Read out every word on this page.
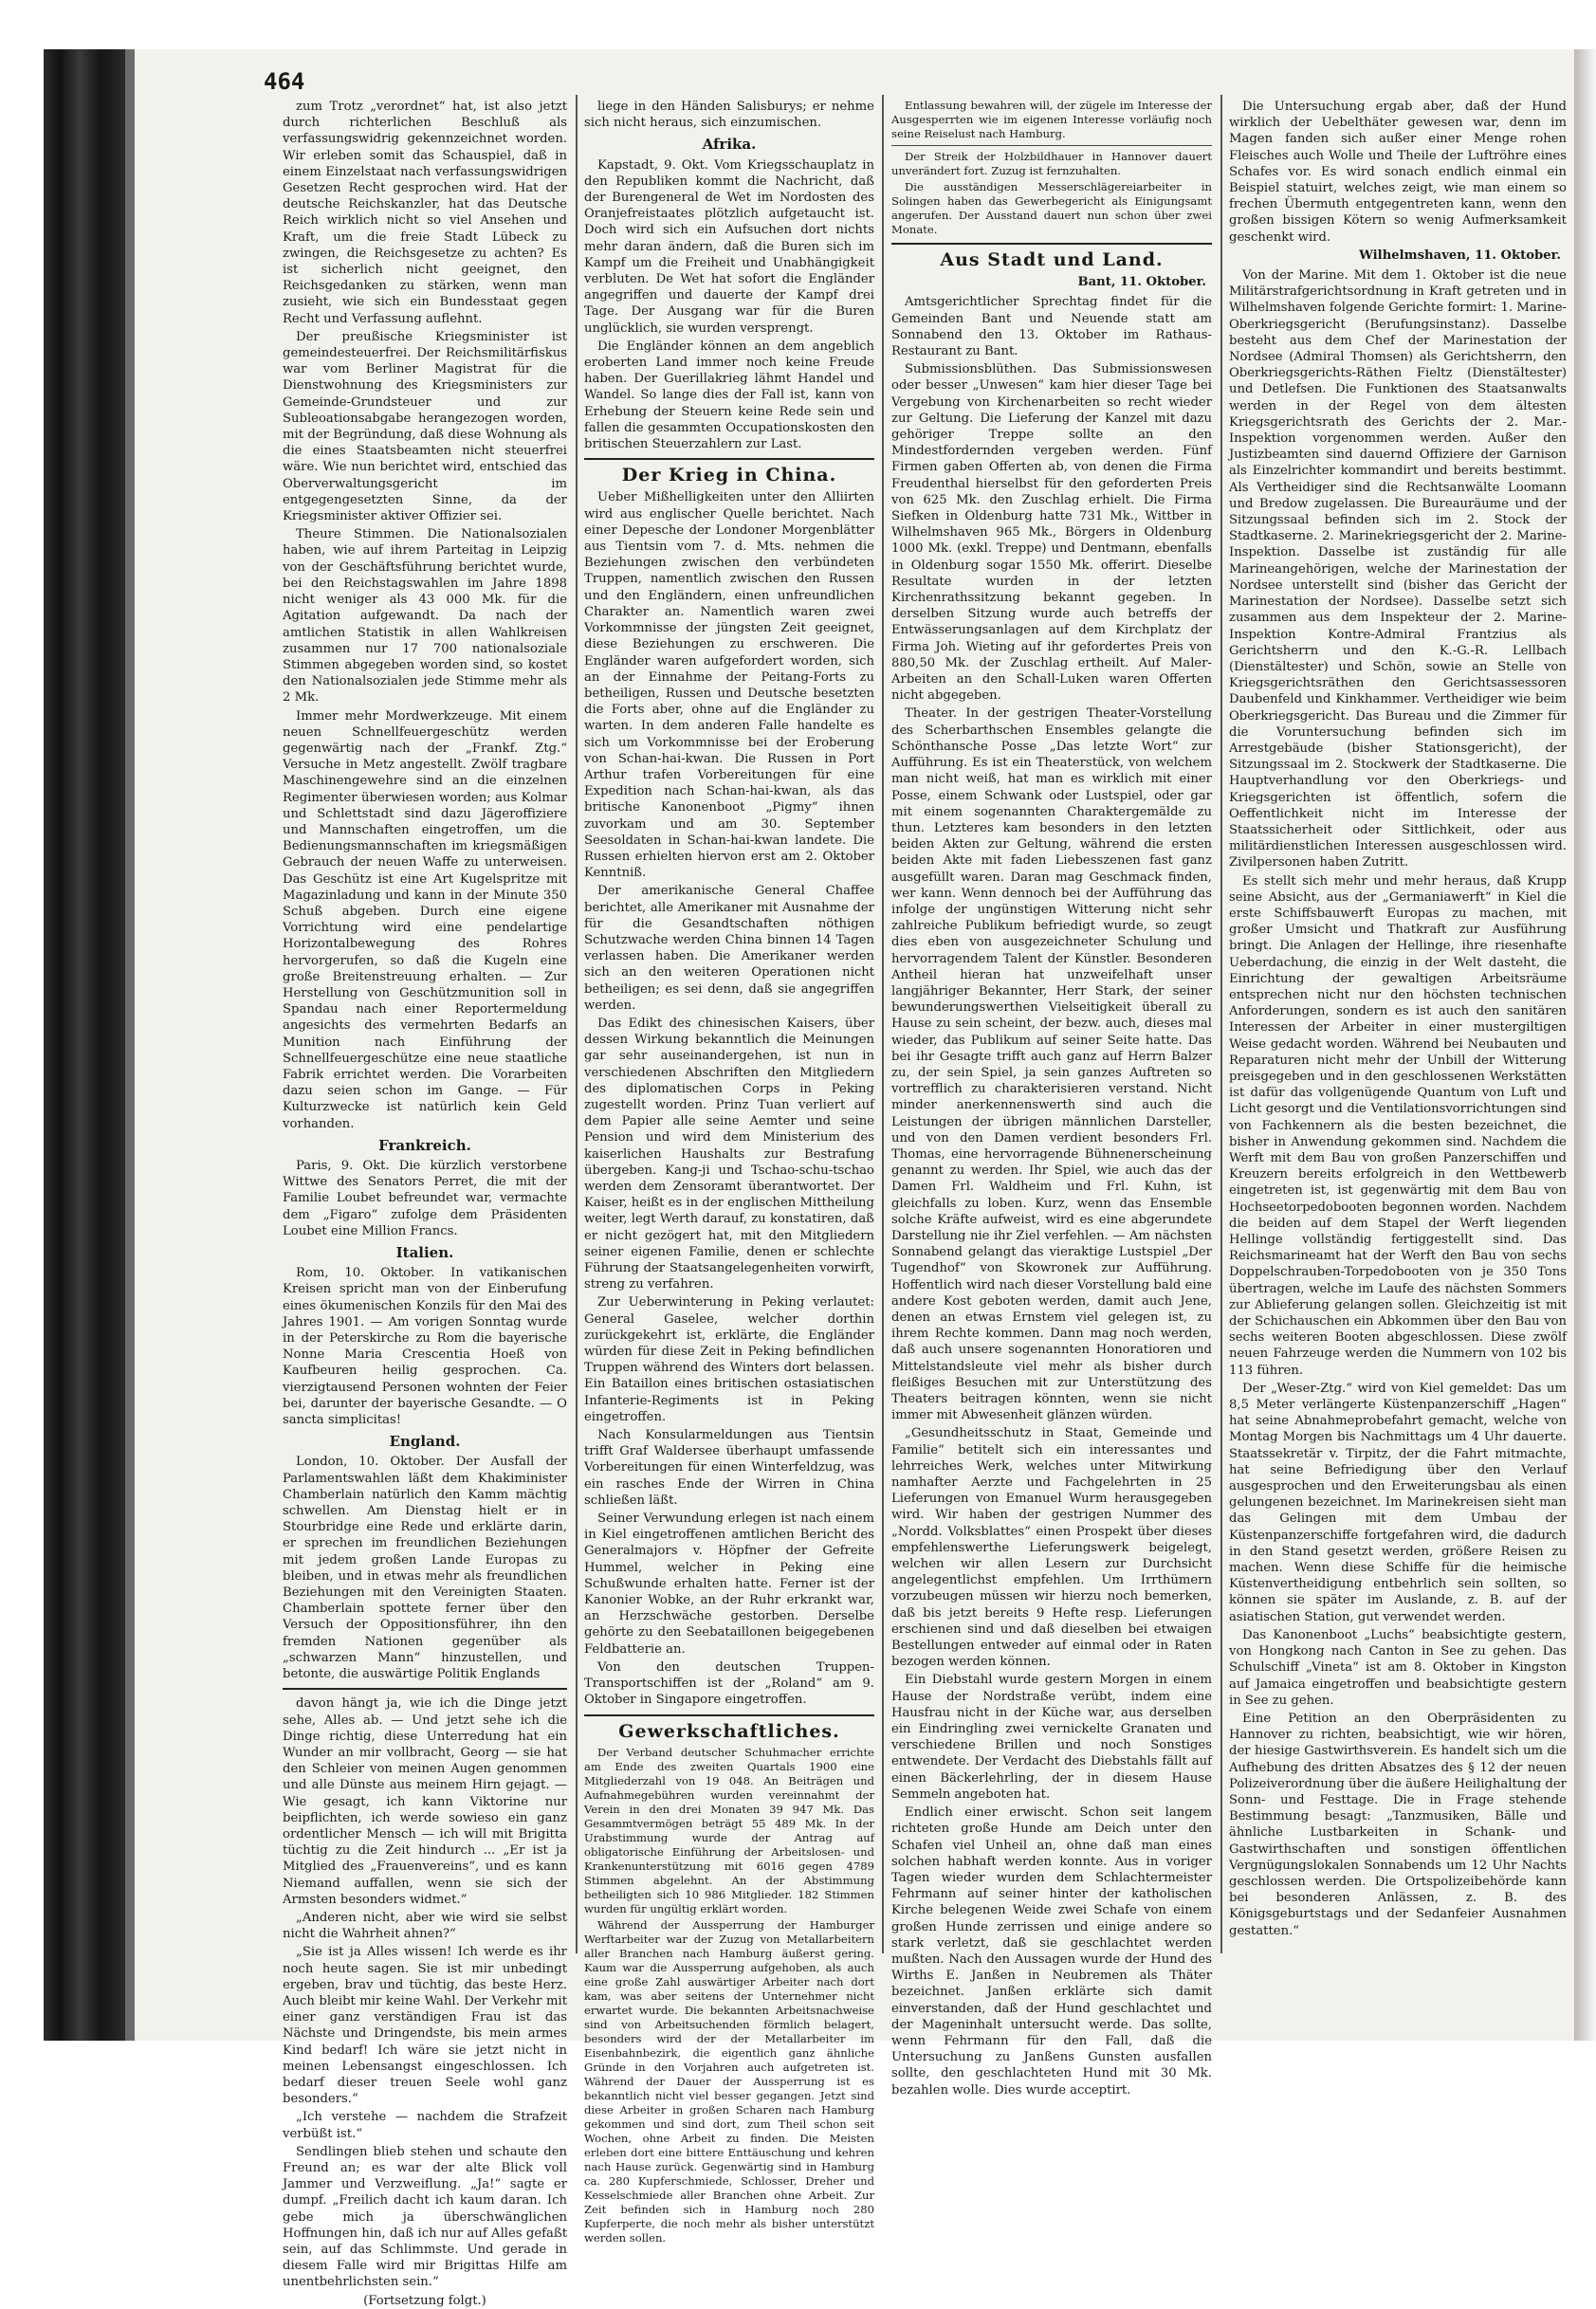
464

zum Trotz „verordnet“ hat, ist also jetzt durch richterlichen Beschluß als verfassungswidrig gekennzeichnet worden. Wir erleben somit das Schauspiel, daß in einem Einzelstaat nach verfassungswidrigen Gesetzen Recht gesprochen wird. Hat der deutsche Reichskanzler, hat das Deutsche Reich wirklich nicht so viel Ansehen und Kraft, um die freie Stadt Lübeck zu zwingen, die Reichsgesetze zu achten? Es ist sicherlich nicht geeignet, den Reichsgedanken zu stärken, wenn man zusieht, wie sich ein Bundesstaat gegen Recht und Verfassung auflehnt.

Der preußische Kriegsminister ist gemeindesteuerfrei. Der Reichsmilitärfiskus war vom Berliner Magistrat für die Dienstwohnung des Kriegsministers zur Gemeinde-Grundsteuer und zur Subleoationsabgabe herangezogen worden, mit der Begründung, daß diese Wohnung als die eines Staatsbeamten nicht steuerfrei wäre. Wie nun berichtet wird, entschied das Oberverwaltungsgericht im entgegengesetzten Sinne, da der Kriegsminister aktiver Offizier sei.

Theure Stimmen. Die Nationalsozialen haben, wie auf ihrem Parteitag in Leipzig von der Geschäftsführung berichtet wurde, bei den Reichstagswahlen im Jahre 1898 nicht weniger als 43 000 Mk. für die Agitation aufgewandt. Da nach der amtlichen Statistik in allen Wahlkreisen zusammen nur 17 700 nationalsoziale Stimmen abgegeben worden sind, so kostet den Nationalsozialen jede Stimme mehr als 2 Mk.

Immer mehr Mordwerkzeuge. Mit einem neuen Schnellfeuergeschütz werden gegenwärtig nach der „Frankf. Ztg.“ Versuche in Metz angestellt. Zwölf tragbare Maschinengewehre sind an die einzelnen Regimenter überwiesen worden; aus Kolmar und Schlettstadt sind dazu Jägeroffiziere und Mannschaften eingetroffen, um die Bedienungsmannschaften im kriegsmäßigen Gebrauch der neuen Waffe zu unterweisen. Das Geschütz ist eine Art Kugelspritze mit Magazinladung und kann in der Minute 350 Schuß abgeben. Durch eine eigene Vorrichtung wird eine pendelartige Horizontalbewegung des Rohres hervorgerufen, so daß die Kugeln eine große Breitenstreuung erhalten. — Zur Herstellung von Geschützmunition soll in Spandau nach einer Reportermeldung angesichts des vermehrten Bedarfs an Munition nach Einführung der Schnellfeuergeschütze eine neue staatliche Fabrik errichtet werden. Die Vorarbeiten dazu seien schon im Gange. — Für Kulturzwecke ist natürlich kein Geld vorhanden.

Frankreich.

Paris, 9. Okt. Die kürzlich verstorbene Wittwe des Senators Perret, die mit der Familie Loubet befreundet war, vermachte dem „Figaro“ zufolge dem Präsidenten Loubet eine Million Francs.

Italien.

Rom, 10. Oktober. In vatikanischen Kreisen spricht man von der Einberufung eines ökumenischen Konzils für den Mai des Jahres 1901. — Am vorigen Sonntag wurde in der Peterskirche zu Rom die bayerische Nonne Maria Crescentia Hoeß von Kaufbeuren heilig gesprochen. Ca. vierzigtausend Personen wohnten der Feier bei, darunter der bayerische Gesandte. — O sancta simplicitas!

England.

London, 10. Oktober. Der Ausfall der Parlamentswahlen läßt dem Khakiminister Chamberlain natürlich den Kamm mächtig schwellen. Am Dienstag hielt er in Stourbridge eine Rede und erklärte darin, er sprechen im freundlichen Beziehungen mit jedem großen Lande Europas zu bleiben, und in etwas mehr als freundlichen Beziehungen mit den Vereinigten Staaten. Chamberlain spottete ferner über den Versuch der Oppositionsführer, ihn den fremden Nationen gegenüber als „schwarzen Mann“ hinzustellen, und betonte, die auswärtige Politik Englands

davon hängt ja, wie ich die Dinge jetzt sehe, Alles ab. — Und jetzt sehe ich die Dinge richtig, diese Unterredung hat ein Wunder an mir vollbracht, Georg — sie hat den Schleier von meinen Augen genommen und alle Dünste aus meinem Hirn gejagt. — Wie gesagt, ich kann Viktorine nur beipflichten, ich werde sowieso ein ganz ordentlicher Mensch — ich will mit Brigitta tüchtig zu die Zeit hindurch ... „Er ist ja Mitglied des „Frauenvereins“, und es kann Niemand auffallen, wenn sie sich der Armsten besonders widmet.“

„Anderen nicht, aber wie wird sie selbst nicht die Wahrheit ahnen?“

„Sie ist ja Alles wissen! Ich werde es ihr noch heute sagen. Sie ist mir unbedingt ergeben, brav und tüchtig, das beste Herz. Auch bleibt mir keine Wahl. Der Verkehr mit einer ganz verständigen Frau ist das Nächste und Dringendste, bis mein armes Kind bedarf! Ich wäre sie jetzt nicht in meinen Lebensangst eingeschlossen. Ich bedarf dieser treuen Seele wohl ganz besonders.“

„Ich verstehe — nachdem die Strafzeit verbüßt ist.“

Sendlingen blieb stehen und schaute den Freund an; es war der alte Blick voll Jammer und Verzweiflung. „Ja!“ sagte er dumpf. „Freilich dacht ich kaum daran. Ich gebe mich ja überschwänglichen Hoffnungen hin, daß ich nur auf Alles gefaßt sein, auf das Schlimmste. Und gerade in diesem Falle wird mir Brigittas Hilfe am unentbehrlichsten sein.“

(Fortsetzung folgt.)

liege in den Händen Salisburys; er nehme sich nicht heraus, sich einzumischen.

Afrika.

Kapstadt, 9. Okt. Vom Kriegsschauplatz in den Republiken kommt die Nachricht, daß der Burengeneral de Wet im Nordosten des Oranjefreistaates plötzlich aufgetaucht ist. Doch wird sich ein Aufsuchen dort nichts mehr daran ändern, daß die Buren sich im Kampf um die Freiheit und Unabhängigkeit verbluten. De Wet hat sofort die Engländer angegriffen und dauerte der Kampf drei Tage. Der Ausgang war für die Buren unglücklich, sie wurden versprengt.

Die Engländer können an dem angeblich eroberten Land immer noch keine Freude haben. Der Guerillakrieg lähmt Handel und Wandel. So lange dies der Fall ist, kann von Erhebung der Steuern keine Rede sein und fallen die gesammten Occupationskosten den britischen Steuerzahlern zur Last.

Der Krieg in China.

Ueber Mißhelligkeiten unter den Alliirten wird aus englischer Quelle berichtet. Nach einer Depesche der Londoner Morgenblätter aus Tientsin vom 7. d. Mts. nehmen die Beziehungen zwischen den verbündeten Truppen, namentlich zwischen den Russen und den Engländern, einen unfreundlichen Charakter an. Namentlich waren zwei Vorkommnisse der jüngsten Zeit geeignet, diese Beziehungen zu erschweren. Die Engländer waren aufgefordert worden, sich an der Einnahme der Peitang-Forts zu betheiligen, Russen und Deutsche besetzten die Forts aber, ohne auf die Engländer zu warten. In dem anderen Falle handelte es sich um Vorkommnisse bei der Eroberung von Schan-hai-kwan. Die Russen in Port Arthur trafen Vorbereitungen für eine Expedition nach Schan-hai-kwan, als das britische Kanonenboot „Pigmy“ ihnen zuvorkam und am 30. September Seesoldaten in Schan-hai-kwan landete. Die Russen erhielten hiervon erst am 2. Oktober Kenntniß.

Der amerikanische General Chaffee berichtet, alle Amerikaner mit Ausnahme der für die Gesandtschaften nöthigen Schutzwache werden China binnen 14 Tagen verlassen haben. Die Amerikaner werden sich an den weiteren Operationen nicht betheiligen; es sei denn, daß sie angegriffen werden.

Das Edikt des chinesischen Kaisers, über dessen Wirkung bekanntlich die Meinungen gar sehr auseinandergehen, ist nun in verschiedenen Abschriften den Mitgliedern des diplomatischen Corps in Peking zugestellt worden. Prinz Tuan verliert auf dem Papier alle seine Aemter und seine Pension und wird dem Ministerium des kaiserlichen Haushalts zur Bestrafung übergeben. Kang-ji und Tschao-schu-tschao werden dem Zensoramt überantwortet. Der Kaiser, heißt es in der englischen Mittheilung weiter, legt Werth darauf, zu konstatiren, daß er nicht gezögert hat, mit den Mitgliedern seiner eigenen Familie, denen er schlechte Führung der Staatsangelegenheiten vorwirft, streng zu verfahren.

Zur Ueberwinterung in Peking verlautet: General Gaselee, welcher dorthin zurückgekehrt ist, erklärte, die Engländer würden für diese Zeit in Peking befindlichen Truppen während des Winters dort belassen. Ein Bataillon eines britischen ostasiatischen Infanterie-Regiments ist in Peking eingetroffen.

Nach Konsularmeldungen aus Tientsin trifft Graf Waldersee überhaupt umfassende Vorbereitungen für einen Winterfeldzug, was ein rasches Ende der Wirren in China schließen läßt.

Seiner Verwundung erlegen ist nach einem in Kiel eingetroffenen amtlichen Bericht des Generalmajors v. Höpfner der Gefreite Hummel, welcher in Peking eine Schußwunde erhalten hatte. Ferner ist der Kanonier Wobke, an der Ruhr erkrankt war, an Herzschwäche gestorben. Derselbe gehörte zu den Seebataillonen beigegebenen Feldbatterie an.

Von den deutschen Truppen-Transportschiffen ist der „Roland“ am 9. Oktober in Singapore eingetroffen.

Gewerkschaftliches.

Der Verband deutscher Schuhmacher errichte am Ende des zweiten Quartals 1900 eine Mitgliederzahl von 19 048. An Beiträgen und Aufnahmegebühren wurden vereinnahmt der Verein in den drei Monaten 39 947 Mk. Das Gesammtvermögen beträgt 55 489 Mk. In der Urabstimmung wurde der Antrag auf obligatorische Einführung der Arbeitslosen- und Krankenunterstützung mit 6016 gegen 4789 Stimmen abgelehnt. An der Abstimmung betheiligten sich 10 986 Mitglieder. 182 Stimmen wurden für ungültig erklärt worden.

Während der Aussperrung der Hamburger Werftarbeiter war der Zuzug von Metallarbeitern aller Branchen nach Hamburg äußerst gering. Kaum war die Aussperrung aufgehoben, als auch eine große Zahl auswärtiger Arbeiter nach dort kam, was aber seitens der Unternehmer nicht erwartet wurde. Die bekannten Arbeitsnachweise sind von Arbeitsuchenden förmlich belagert, besonders wird der der Metallarbeiter im Eisenbahnbezirk, die eigentlich ganz ähnliche Gründe in den Vorjahren auch aufgetreten ist. Während der Dauer der Aussperrung ist es bekanntlich nicht viel besser gegangen. Jetzt sind diese Arbeiter in großen Scharen nach Hamburg gekommen und sind dort, zum Theil schon seit Wochen, ohne Arbeit zu finden. Die Meisten erleben dort eine bittere Enttäuschung und kehren nach Hause zurück. Gegenwärtig sind in Hamburg ca. 280 Kupferschmiede, Schlosser, Dreher und Kesselschmiede aller Branchen ohne Arbeit. Zur Zeit befinden sich in Hamburg noch 280 Kupferperte, die noch mehr als bisher unterstützt werden sollen.

Entlassung bewahren will, der zügele im Interesse der Ausgesperrten wie im eigenen Interesse vorläufig noch seine Reiselust nach Hamburg.

Der Streik der Holzbildhauer in Hannover dauert unverändert fort. Zuzug ist fernzuhalten.

Die ausständigen Messerschlägereiarbeiter in Solingen haben das Gewerbegericht als Einigungsamt angerufen. Der Ausstand dauert nun schon über zwei Monate.

Aus Stadt und Land.
Bant, 11. Oktober.

Amtsgerichtlicher Sprechtag findet für die Gemeinden Bant und Neuende statt am Sonnabend den 13. Oktober im Rathaus-Restaurant zu Bant.

Submissionsblüthen. Das Submissionswesen oder besser „Unwesen“ kam hier dieser Tage bei Vergebung von Kirchenarbeiten so recht wieder zur Geltung. Die Lieferung der Kanzel mit dazu gehöriger Treppe sollte an den Mindestfordernden vergeben werden. Fünf Firmen gaben Offerten ab, von denen die Firma Freudenthal hierselbst für den geforderten Preis von 625 Mk. den Zuschlag erhielt. Die Firma Siefken in Oldenburg hatte 731 Mk., Wittber in Wilhelmshaven 965 Mk., Börgers in Oldenburg 1000 Mk. (exkl. Treppe) und Dentmann, ebenfalls in Oldenburg sogar 1550 Mk. offerirt. Dieselbe Resultate wurden in der letzten Kirchenrathssitzung bekannt gegeben. In derselben Sitzung wurde auch betreffs der Entwässerungsanlagen auf dem Kirchplatz der Firma Joh. Wieting auf ihr gefordertes Preis von 880,50 Mk. der Zuschlag ertheilt. Auf Maler-Arbeiten an den Schall-Luken waren Offerten nicht abgegeben.

Theater. In der gestrigen Theater-Vorstellung des Scherbarthschen Ensembles gelangte die Schönthansche Posse „Das letzte Wort“ zur Aufführung. Es ist ein Theaterstück, von welchem man nicht weiß, hat man es wirklich mit einer Posse, einem Schwank oder Lustspiel, oder gar mit einem sogenannten Charaktergemälde zu thun. Letzteres kam besonders in den letzten beiden Akten zur Geltung, während die ersten beiden Akte mit faden Liebesszenen fast ganz ausgefüllt waren. Daran mag Geschmack finden, wer kann. Wenn dennoch bei der Aufführung das infolge der ungünstigen Witterung nicht sehr zahlreiche Publikum befriedigt wurde, so zeugt dies eben von ausgezeichneter Schulung und hervorragendem Talent der Künstler. Besonderen Antheil hieran hat unzweifelhaft unser langjähriger Bekannter, Herr Stark, der seiner bewunderungswerthen Vielseitigkeit überall zu Hause zu sein scheint, der bezw. auch, dieses mal wieder, das Publikum auf seiner Seite hatte. Das bei ihr Gesagte trifft auch ganz auf Herrn Balzer zu, der sein Spiel, ja sein ganzes Auftreten so vortrefflich zu charakterisieren verstand. Nicht minder anerkennenswerth sind auch die Leistungen der übrigen männlichen Darsteller, und von den Damen verdient besonders Frl. Thomas, eine hervorragende Bühnenerscheinung genannt zu werden. Ihr Spiel, wie auch das der Damen Frl. Waldheim und Frl. Kuhn, ist gleichfalls zu loben. Kurz, wenn das Ensemble solche Kräfte aufweist, wird es eine abgerundete Darstellung nie ihr Ziel verfehlen. — Am nächsten Sonnabend gelangt das vieraktige Lustspiel „Der Tugendhof“ von Skowronek zur Aufführung. Hoffentlich wird nach dieser Vorstellung bald eine andere Kost geboten werden, damit auch Jene, denen an etwas Ernstem viel gelegen ist, zu ihrem Rechte kommen. Dann mag noch werden, daß auch unsere sogenannten Honoratioren und Mittelstandsleute viel mehr als bisher durch fleißiges Besuchen mit zur Unterstützung des Theaters beitragen könnten, wenn sie nicht immer mit Abwesenheit glänzen würden.

„Gesundheitsschutz in Staat, Gemeinde und Familie“ betitelt sich ein interessantes und lehrreiches Werk, welches unter Mitwirkung namhafter Aerzte und Fachgelehrten in 25 Lieferungen von Emanuel Wurm herausgegeben wird. Wir haben der gestrigen Nummer des „Nordd. Volksblattes“ einen Prospekt über dieses empfehlenswerthe Lieferungswerk beigelegt, welchen wir allen Lesern zur Durchsicht angelegentlichst empfehlen. Um Irrthümern vorzubeugen müssen wir hierzu noch bemerken, daß bis jetzt bereits 9 Hefte resp. Lieferungen erschienen sind und daß dieselben bei etwaigen Bestellungen entweder auf einmal oder in Raten bezogen werden können.

Ein Diebstahl wurde gestern Morgen in einem Hause der Nordstraße verübt, indem eine Hausfrau nicht in der Küche war, aus derselben ein Eindringling zwei vernickelte Granaten und verschiedene Brillen und noch Sonstiges entwendete. Der Verdacht des Diebstahls fällt auf einen Bäckerlehrling, der in diesem Hause Semmeln angeboten hat.

Endlich einer erwischt. Schon seit langem richteten große Hunde am Deich unter den Schafen viel Unheil an, ohne daß man eines solchen habhaft werden konnte. Aus in voriger Tagen wieder wurden dem Schlachtermeister Fehrmann auf seiner hinter der katholischen Kirche belegenen Weide zwei Schafe von einem großen Hunde zerrissen und einige andere so stark verletzt, daß sie geschlachtet werden mußten. Nach den Aussagen wurde der Hund des Wirths E. Janßen in Neubremen als Thäter bezeichnet. Janßen erklärte sich damit einverstanden, daß der Hund geschlachtet und der Mageninhalt untersucht werde. Das sollte, wenn Fehrmann für den Fall, daß die Untersuchung zu Janßens Gunsten ausfallen sollte, den geschlachteten Hund mit 30 Mk. bezahlen wolle. Dies wurde acceptirt.

Die Untersuchung ergab aber, daß der Hund wirklich der Uebelthäter gewesen war, denn im Magen fanden sich außer einer Menge rohen Fleisches auch Wolle und Theile der Luftröhre eines Schafes vor. Es wird sonach endlich einmal ein Beispiel statuirt, welches zeigt, wie man einem so frechen Übermuth entgegentreten kann, wenn den großen bissigen Kötern so wenig Aufmerksamkeit geschenkt wird.

Wilhelmshaven, 11. Oktober.

Von der Marine. Mit dem 1. Oktober ist die neue Militärstrafgerichtsordnung in Kraft getreten und in Wilhelmshaven folgende Gerichte formirt: 1. Marine-Oberkriegsgericht (Berufungsinstanz). Dasselbe besteht aus dem Chef der Marinestation der Nordsee (Admiral Thomsen) als Gerichtsherrn, den Oberkriegsgerichts-Räthen Fieltz (Dienstältester) und Detlefsen. Die Funktionen des Staatsanwalts werden in der Regel von dem ältesten Kriegsgerichtsrath des Gerichts der 2. Mar.-Inspektion vorgenommen werden. Außer den Justizbeamten sind dauernd Offiziere der Garnison als Einzelrichter kommandirt und bereits bestimmt. Als Vertheidiger sind die Rechtsanwälte Loomann und Bredow zugelassen. Die Bureauräume und der Sitzungssaal befinden sich im 2. Stock der Stadtkaserne. 2. Marinekriegsgericht der 2. Marine-Inspektion. Dasselbe ist zuständig für alle Marineangehörigen, welche der Marinestation der Nordsee unterstellt sind (bisher das Gericht der Marinestation der Nordsee). Dasselbe setzt sich zusammen aus dem Inspekteur der 2. Marine-Inspektion Kontre-Admiral Frantzius als Gerichtsherrn und den K.-G.-R. Lellbach (Dienstältester) und Schön, sowie an Stelle von Kriegsgerichtsräthen den Gerichtsassessoren Daubenfeld und Kinkhammer. Vertheidiger wie beim Oberkriegsgericht. Das Bureau und die Zimmer für die Voruntersuchung befinden sich im Arrestgebäude (bisher Stationsgericht), der Sitzungssaal im 2. Stockwerk der Stadtkaserne. Die Hauptverhandlung vor den Oberkriegs- und Kriegsgerichten ist öffentlich, sofern die Oeffentlichkeit nicht im Interesse der Staatssicherheit oder Sittlichkeit, oder aus militärdienstlichen Interessen ausgeschlossen wird. Zivilpersonen haben Zutritt.

Es stellt sich mehr und mehr heraus, daß Krupp seine Absicht, aus der „Germaniawerft“ in Kiel die erste Schiffsbauwerft Europas zu machen, mit großer Umsicht und Thatkraft zur Ausführung bringt. Die Anlagen der Hellinge, ihre riesenhafte Ueberdachung, die einzig in der Welt dasteht, die Einrichtung der gewaltigen Arbeitsräume entsprechen nicht nur den höchsten technischen Anforderungen, sondern es ist auch den sanitären Interessen der Arbeiter in einer mustergiltigen Weise gedacht worden. Während bei Neubauten und Reparaturen nicht mehr der Unbill der Witterung preisgegeben und in den geschlossenen Werkstätten ist dafür das vollgenügende Quantum von Luft und Licht gesorgt und die Ventilationsvorrichtungen sind von Fachkennern als die besten bezeichnet, die bisher in Anwendung gekommen sind. Nachdem die Werft mit dem Bau von großen Panzerschiffen und Kreuzern bereits erfolgreich in den Wettbewerb eingetreten ist, ist gegenwärtig mit dem Bau von Hochseetorpedobooten begonnen worden. Nachdem die beiden auf dem Stapel der Werft liegenden Hellinge vollständig fertiggestellt sind. Das Reichsmarineamt hat der Werft den Bau von sechs Doppelschrauben-Torpedobooten von je 350 Tons übertragen, welche im Laufe des nächsten Sommers zur Ablieferung gelangen sollen. Gleichzeitig ist mit der Schichauschen ein Abkommen über den Bau von sechs weiteren Booten abgeschlossen. Diese zwölf neuen Fahrzeuge werden die Nummern von 102 bis 113 führen.

Der „Weser-Ztg.“ wird von Kiel gemeldet: Das um 8,5 Meter verlängerte Küstenpanzerschiff „Hagen“ hat seine Abnahmeprobefahrt gemacht, welche von Montag Morgen bis Nachmittags um 4 Uhr dauerte. Staatssekretär v. Tirpitz, der die Fahrt mitmachte, hat seine Befriedigung über den Verlauf ausgesprochen und den Erweiterungsbau als einen gelungenen bezeichnet. Im Marinekreisen sieht man das Gelingen mit dem Umbau der Küstenpanzerschiffe fortgefahren wird, die dadurch in den Stand gesetzt werden, größere Reisen zu machen. Wenn diese Schiffe für die heimische Küstenvertheidigung entbehrlich sein sollten, so können sie später im Auslande, z. B. auf der asiatischen Station, gut verwendet werden.

Das Kanonenboot „Luchs“ beabsichtigte gestern, von Hongkong nach Canton in See zu gehen. Das Schulschiff „Vineta“ ist am 8. Oktober in Kingston auf Jamaica eingetroffen und beabsichtigte gestern in See zu gehen.

Eine Petition an den Oberpräsidenten zu Hannover zu richten, beabsichtigt, wie wir hören, der hiesige Gastwirthsverein. Es handelt sich um die Aufhebung des dritten Absatzes des § 12 der neuen Polizeiverordnung über die äußere Heilighaltung der Sonn- und Festtage. Die in Frage stehende Bestimmung besagt: „Tanzmusiken, Bälle und ähnliche Lustbarkeiten in Schank- und Gastwirthschaften und sonstigen öffentlichen Vergnügungslokalen Sonnabends um 12 Uhr Nachts geschlossen werden. Die Ortspolizeibehörde kann bei besonderen Anlässen, z. B. des Königsgeburtstags und der Sedanfeier Ausnahmen gestatten.“
